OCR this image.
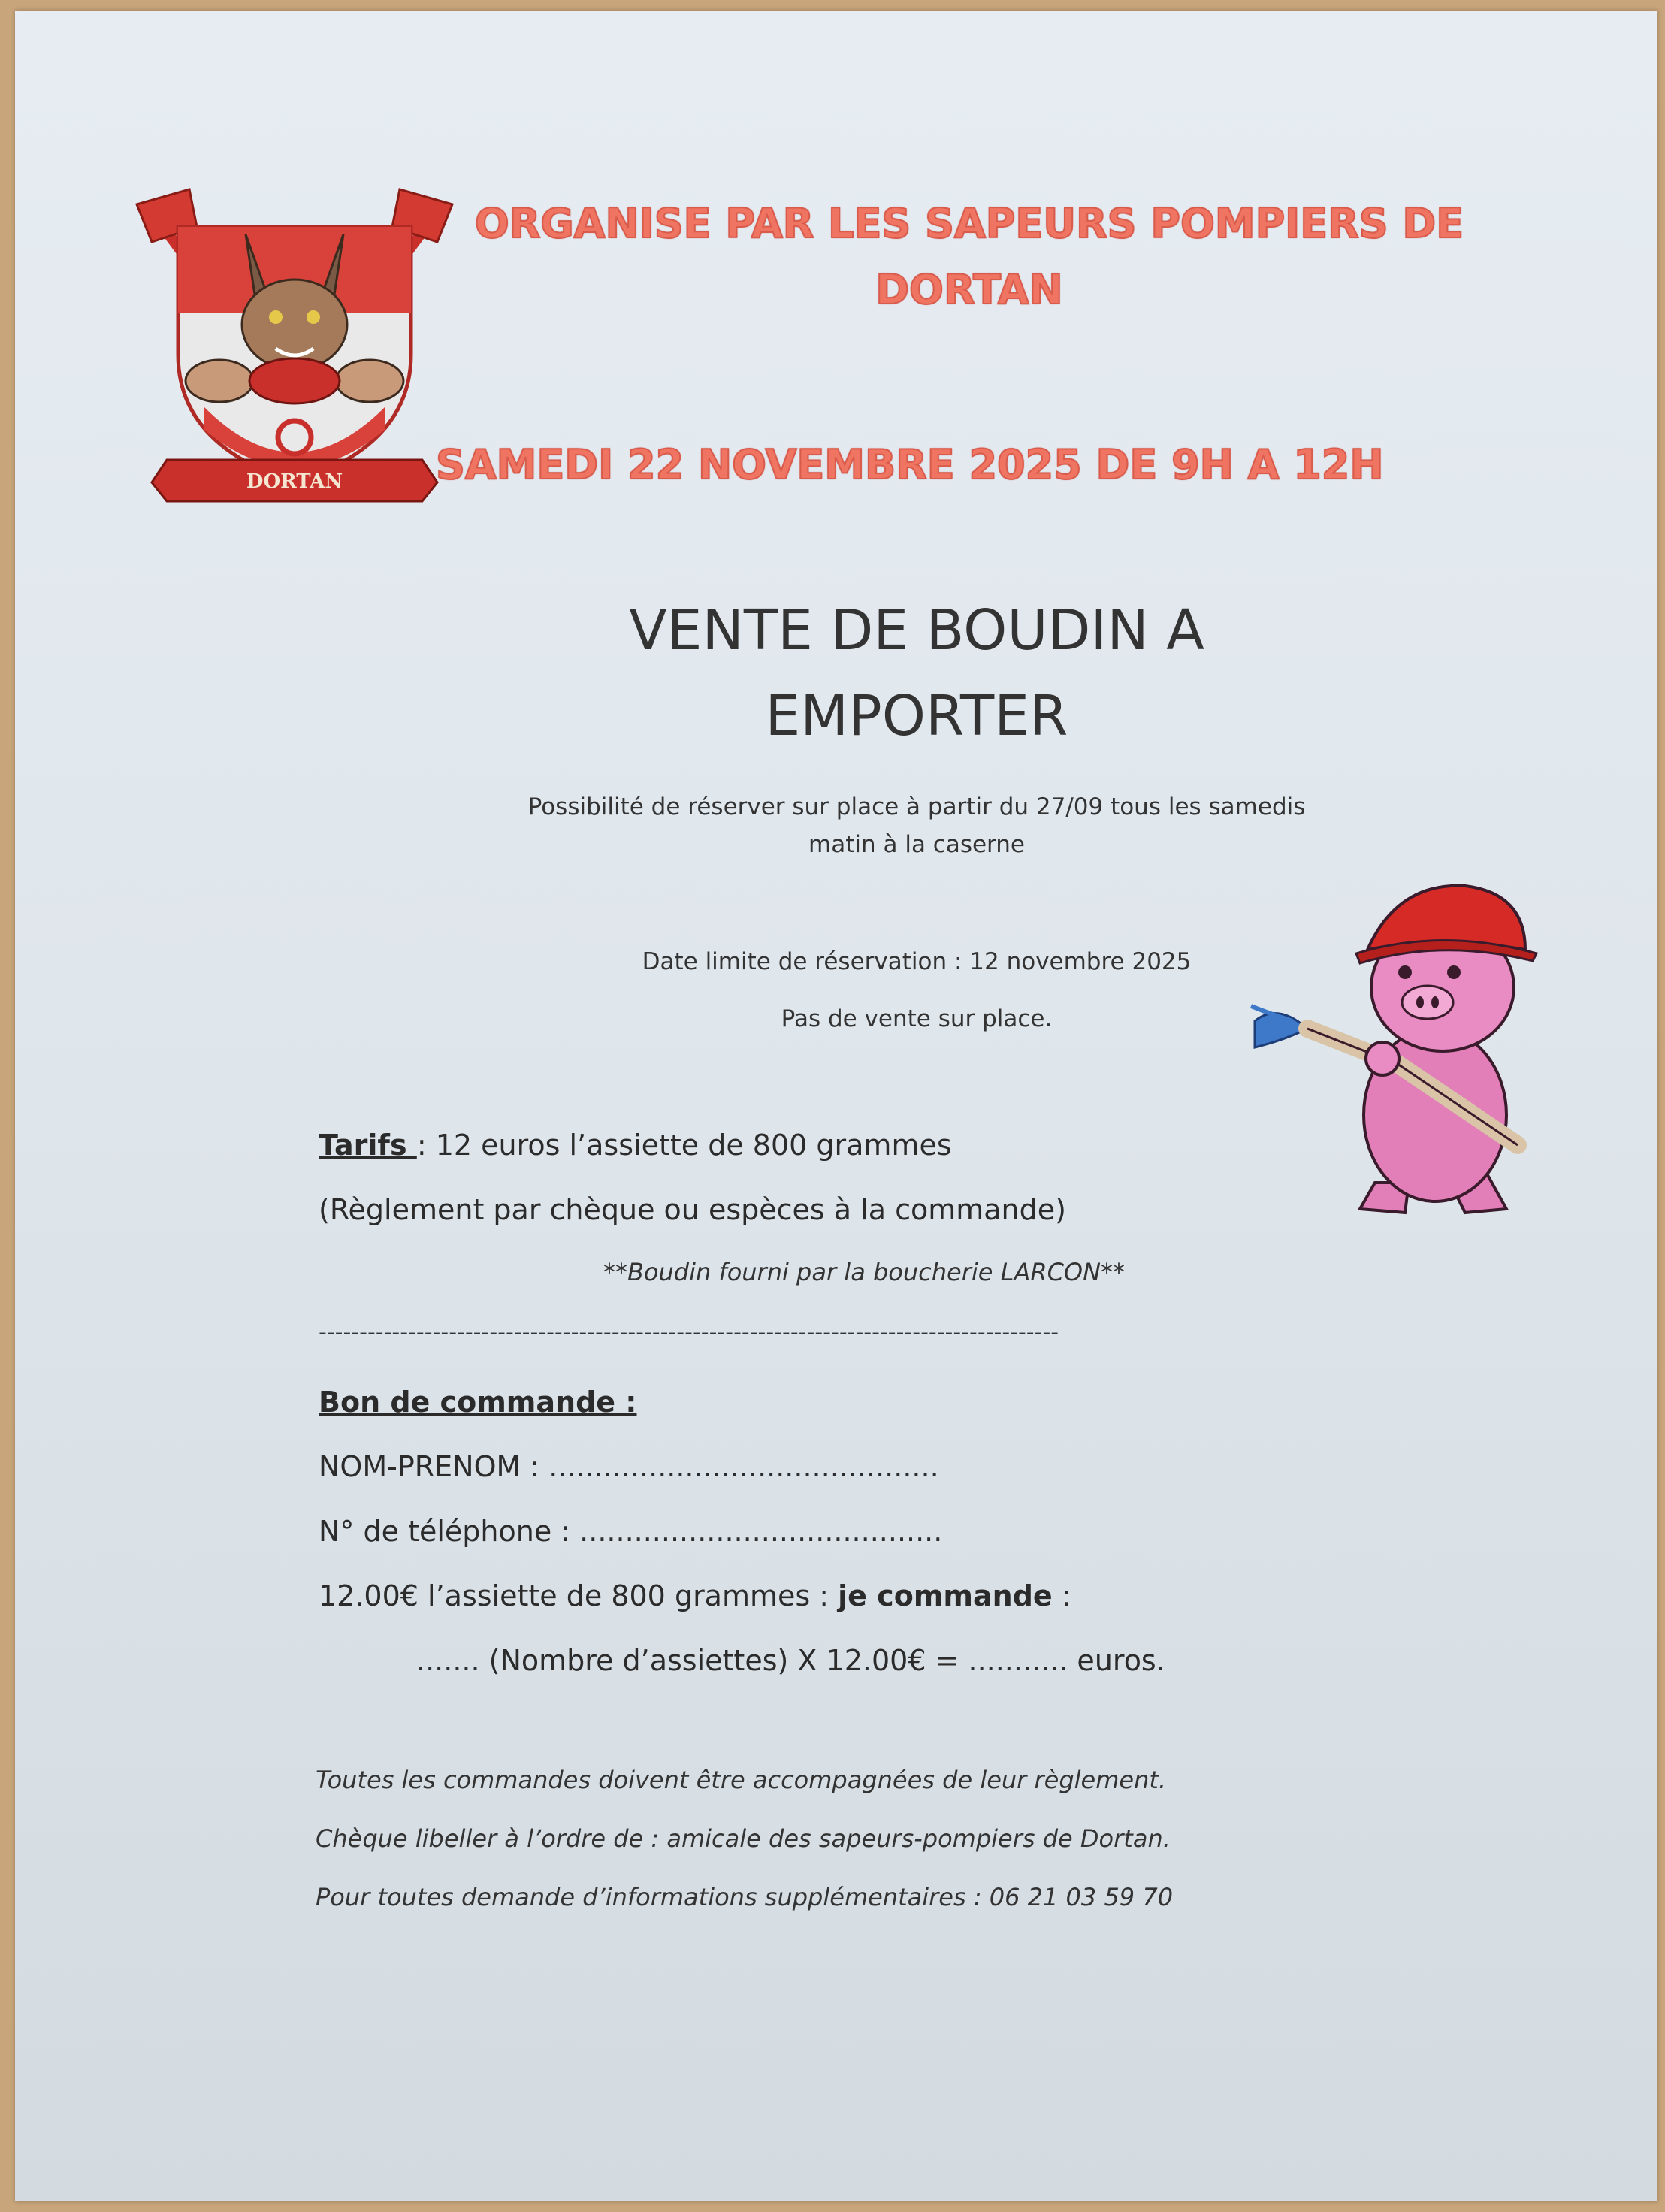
DORTAN
ORGANISE PAR LES SAPEURS POMPIERS DE
DORTAN
SAMEDI 22 NOVEMBRE 2025 DE 9H A 12H
VENTE DE BOUDIN A
EMPORTER
Possibilité de réserver sur place à partir du 27/09 tous les samedis
matin à la caserne
Date limite de réservation : 12 novembre 2025
Pas de vente sur place.
Tarifs : 12 euros l’assiette de 800 grammes
(Règlement par chèque ou espèces à la commande)
**Boudin fourni par la boucherie LARCON**
-------------------------------------------------------------------------------------------
Bon de commande :
NOM-PRENOM : ...........................................
N° de téléphone : ........................................
12.00€ l’assiette de 800 grammes : je commande :
....... (Nombre d’assiettes) X 12.00€ = ........... euros.
Toutes les commandes doivent être accompagnées de leur règlement.
Chèque libeller à l’ordre de : amicale des sapeurs-pompiers de Dortan.
Pour toutes demande d’informations supplémentaires : 06 21 03 59 70
